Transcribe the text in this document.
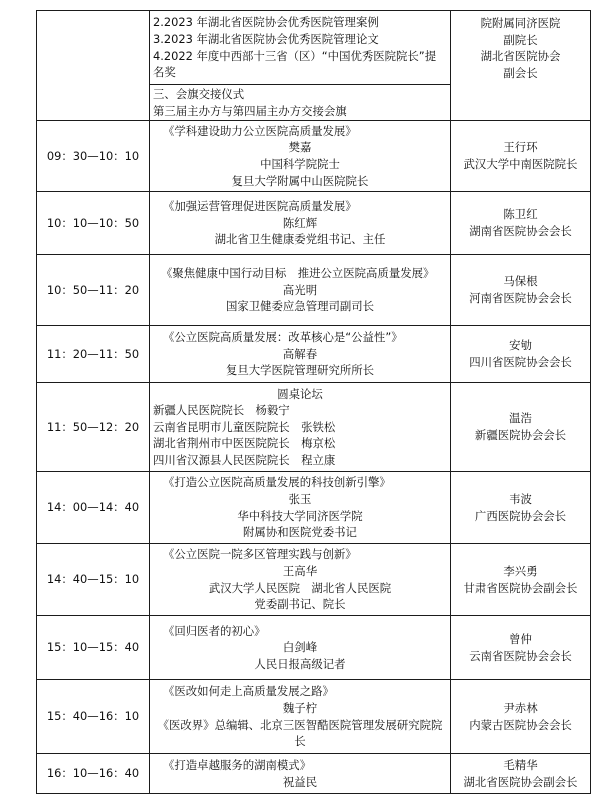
	2.2023 年湖北省医院协会优秀医院管理案例
3.2023 年湖北省医院协会优秀医院管理论文
4.2022 年度中西部十三省（区）“中国优秀医院院长”提名奖	院附属同济医院
副院长
湖北省医院协会
副会长

	三、会旗交接仪式
第三届主办方与第四届主办方交接会旗	

09：30—10：10	《学科建设助力公立医院高质量发展》
樊嘉
中国科学院院士
复旦大学附属中山医院院长	王行环
武汉大学中南医院院长

10：10—10：50	《加强运营管理促进医院高质量发展》
陈红辉
湖北省卫生健康委党组书记、主任	陈卫红
湖南省医院协会会长

10：50—11：20	《聚焦健康中国行动目标　推进公立医院高质量发展》
高光明
国家卫健委应急管理司副司长	马保根
河南省医院协会会长

11：20—11：50	《公立医院高质量发展：改革核心是“公益性”》
高解春
复旦大学医院管理研究所所长	安劬
四川省医院协会会长

11：50—12：20	圆桌论坛
新疆人民医院院长　杨毅宁
云南省昆明市儿童医院院长　张铁松
湖北省荆州市中医医院院长　梅京松
四川省汉源县人民医院院长　程立康	温浩
新疆医院协会会长

14：00—14：40	《打造公立医院高质量发展的科技创新引擎》
张玉
华中科技大学同济医学院
附属协和医院党委书记	韦波
广西医院协会会长

14：40—15：10	《公立医院一院多区管理实践与创新》
王高华
武汉大学人民医院　湖北省人民医院
党委副书记、院长	李兴勇
甘肃省医院协会副会长

15：10—15：40	《回归医者的初心》
白剑峰
人民日报高级记者	曾仲
云南省医院协会会长

15：40—16：10	《医改如何走上高质量发展之路》
魏子柠
《医改界》总编辑、北京三医智酷医院管理发展研究院院长	尹赤林
内蒙古医院协会会长

16：10—16：40	《打造卓越服务的湖南模式》
祝益民	毛精华
湖北省医院协会副会长
